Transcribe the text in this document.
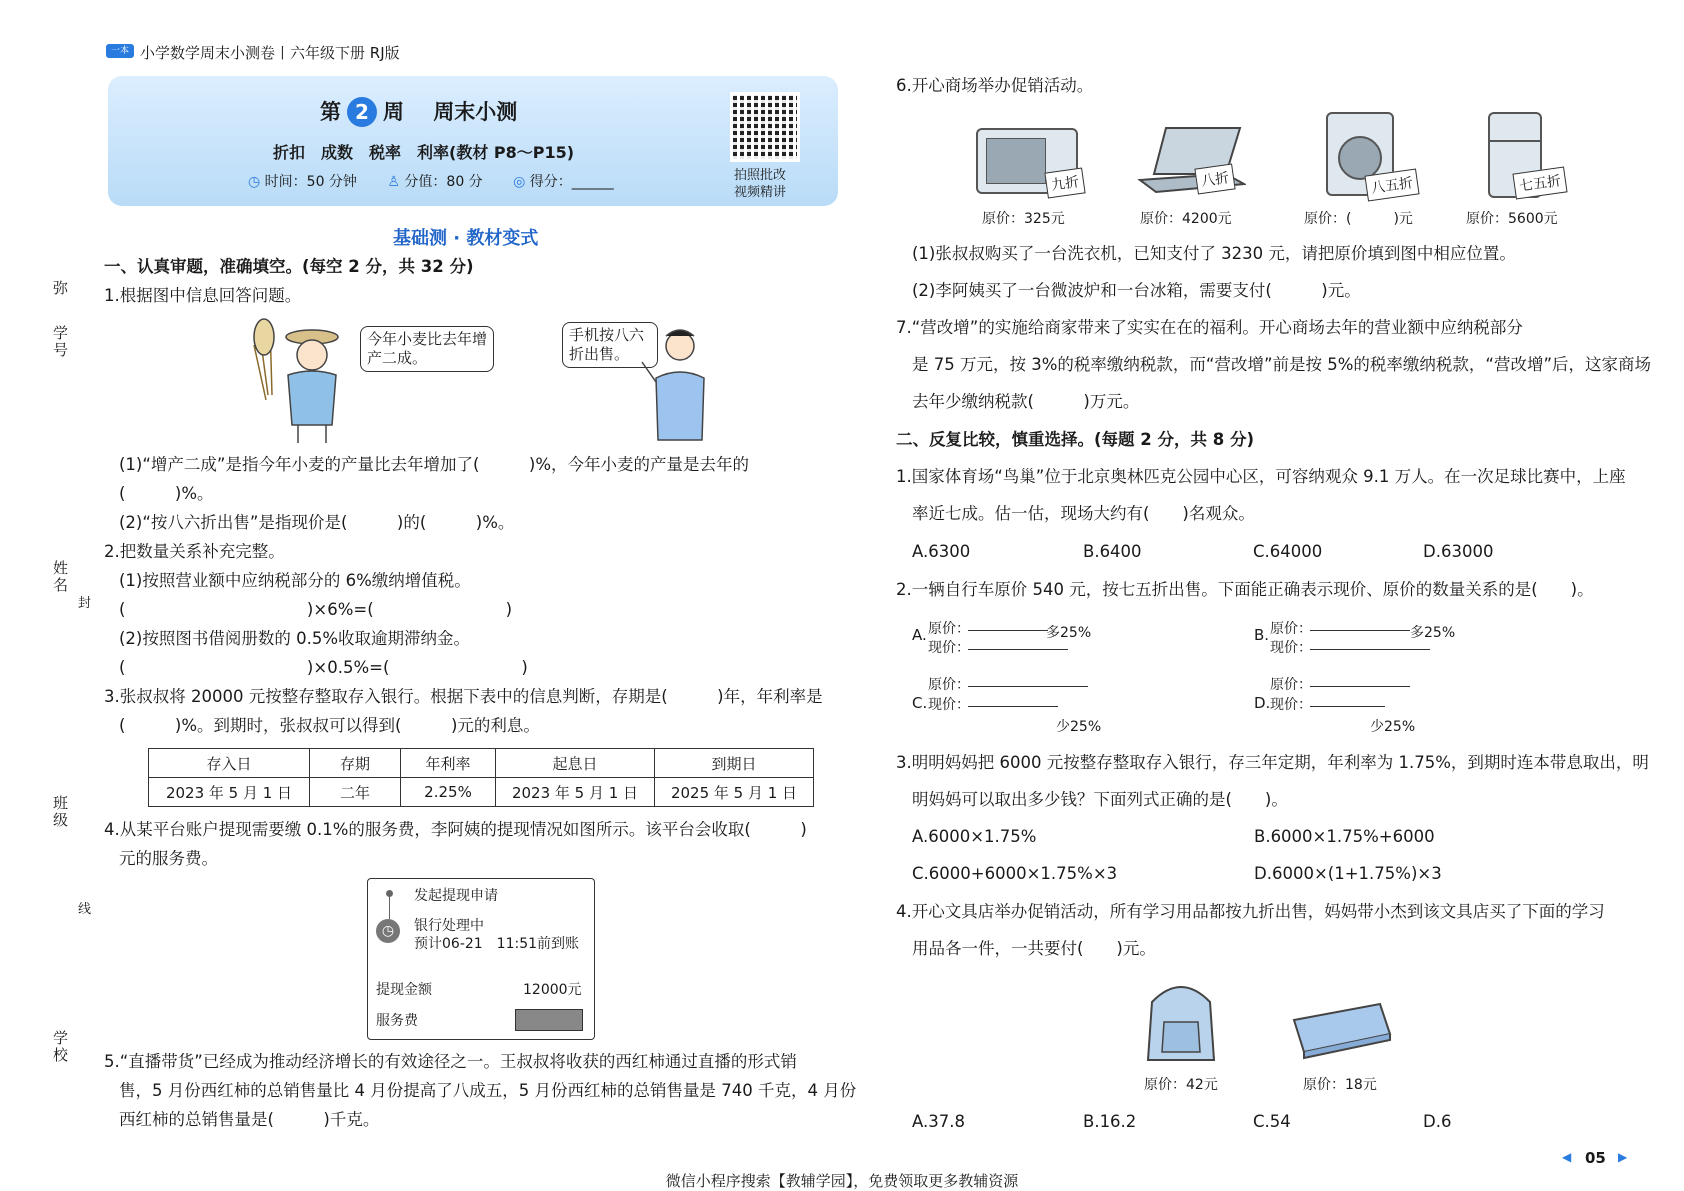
弥
学号
姓名
封
班级
线
学校
一本 小学数学周末小测卷丨六年级下册 RJ版
第 2 周 周末小测
折扣　成数　税率　利率(教材 P8～P15)
◷ 时间：50 分钟 ♙ 分值：80 分 ◎ 得分：______	拍照批改
视频精讲
基础测 · 教材变式
一、认真审题，准确填空。(每空 2 分，共 32 分)
1.根据图中信息回答问题。
今年小麦比去年增产二成。
手机按八六折出售。
(1)“增产二成”是指今年小麦的产量比去年增加了(　　　)%，今年小麦的产量是去年的
(　　　)%。
(2)“按八六折出售”是指现价是(　　　)的(　　　)%。
2.把数量关系补充完整。
(1)按照营业额中应纳税部分的 6%缴纳增值税。
(　　　　　　　　　　　)×6%=(　　　　　　　　)
(2)按照图书借阅册数的 0.5%收取逾期滞纳金。
(　　　　　　　　　　　)×0.5%=(　　　　　　　　)
3.张叔叔将 20000 元按整存整取存入银行。根据下表中的信息判断，存期是(　　　)年，年利率是
(　　　)%。到期时，张叔叔可以得到(　　　)元的利息。
存入日	存期	年利率	起息日	到期日
2023 年 5 月 1 日	二年	2.25%	2023 年 5 月 1 日	2025 年 5 月 1 日
4.从某平台账户提现需要缴 0.1%的服务费，李阿姨的提现情况如图所示。该平台会收取(　　　)
元的服务费。
发起提现申请
◷	银行处理中
预计06-21　11:51前到账
提现金额	12000元
服务费
5.“直播带货”已经成为推动经济增长的有效途径之一。王叔叔将收获的西红柿通过直播的形式销
售，5 月份西红柿的总销售量比 4 月份提高了八成五，5 月份西红柿的总销售量是 740 千克，4 月份
西红柿的总销售量是(　　　)千克。
6.开心商场举办促销活动。
九折
原价：325元
八折
原价：4200元
八五折
原价：(　　　)元
七五折
原价：5600元
(1)张叔叔购买了一台洗衣机，已知支付了 3230 元，请把原价填到图中相应位置。
(2)李阿姨买了一台微波炉和一台冰箱，需要支付(　　　)元。
7.“营改增”的实施给商家带来了实实在在的福利。开心商场去年的营业额中应纳税部分
是 75 万元，按 3%的税率缴纳税款，而“营改增”前是按 5%的税率缴纳税款，“营改增”后，这家商场
去年少缴纳税款(　　　)万元。
二、反复比较，慎重选择。(每题 2 分，共 8 分)
1.国家体育场“鸟巢”位于北京奥林匹克公园中心区，可容纳观众 9.1 万人。在一次足球比赛中，上座
率近七成。估一估，现场大约有(　　)名观众。
A.6300	B.6400	C.64000	D.63000
2.一辆自行车原价 540 元，按七五折出售。下面能正确表示现价、原价的数量关系的是(　　)。
A. 原价：
现价：
多25%	B. 原价：
现价：
多25%
C.
原价：
现价：
少25%
D.
原价：
现价：
少25%
3.明明妈妈把 6000 元按整存整取存入银行，存三年定期，年利率为 1.75%，到期时连本带息取出，明
明妈妈可以取出多少钱？下面列式正确的是(　　)。
A.6000×1.75%	B.6000×1.75%+6000
C.6000+6000×1.75%×3	D.6000×(1+1.75%)×3
4.开心文具店举办促销活动，所有学习用品都按九折出售，妈妈带小杰到该文具店买了下面的学习
用品各一件，一共要付(　　)元。
原价：42元	原价：18元
A.37.8	B.16.2	C.54	D.6
◀ 05 ▶
微信小程序搜索【教辅学园】，免费领取更多教辅资源
